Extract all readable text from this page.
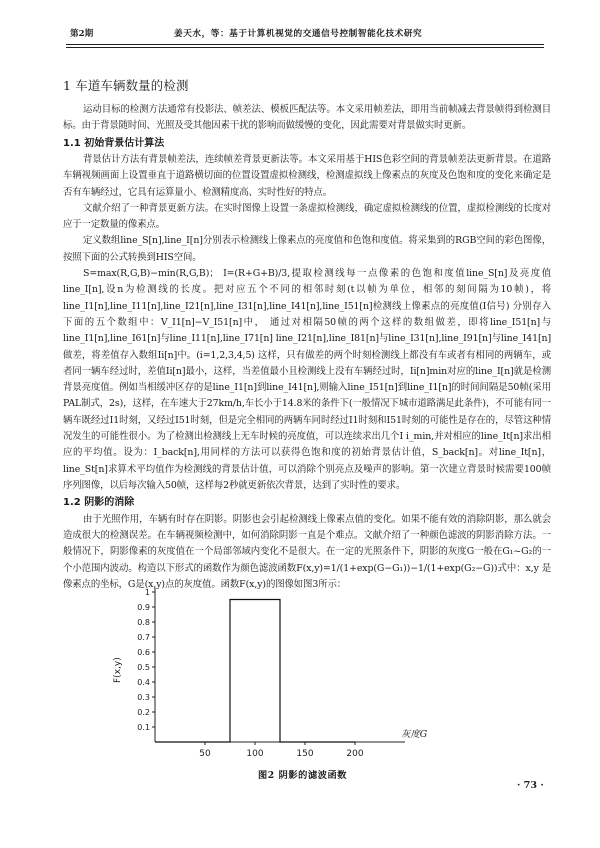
第2期	姜天水，等：基于计算机视觉的交通信号控制智能化技术研究
1 车道车辆数量的检测

运动目标的检测方法通常有投影法、帧差法、模板匹配法等。本文采用帧差法，即用当前帧减去背景帧得到检测目标。由于背景随时间、光照及受其他因素干扰的影响而做缓慢的变化，因此需要对背景做实时更新。

1.1 初始背景估计算法

背景估计方法有背景帧差法，连续帧差背景更新法等。本文采用基于HIS色彩空间的背景帧差法更新背景。在道路车辆视频画面上设置垂直于道路横切面的位置设置虚拟检测线，检测虚拟线上像素点的灰度及色饱和度的变化来确定是否有车辆经过，它具有运算量小、检测精度高、实时性好的特点。

文献介绍了一种背景更新方法。在实时图像上设置一条虚拟检测线，确定虚拟检测线的位置，虚拟检测线的长度对应于一定数量的像素点。

定义数组line_S[n],line_I[n]分别表示检测线上像素点的亮度值和色饱和度值。将采集到的RGB空间的彩色图像，按照下面的公式转换到HIS空间。

S=max(R,G,B)−min(R,G,B)； I=(R+G+B)/3,提取检测线每一点像素的色饱和度值line_S[n]及亮度值line_I[n],设n为检测线的长度。把对应五个不同的相邻时刻(t以帧为单位，相邻的刻间隔为10帧)，将line_I1[n],line_I11[n],line_I21[n],line_I31[n],line_I41[n],line_I51[n]检测线上像素点的亮度值(I信号) 分别存入下面的五个数组中：V_I1[n]−V_I51[n]中， 通过对相隔50帧的两个这样的数组做差，即将line_I51[n]与line_I1[n],line_I61[n]与line_I11[n],line_I71[n] line_I21[n],line_I81[n]与line_I31[n],line_I91[n]与line_I41[n]做差，将差值存入数组Ii[n]中。(i=1,2,3,4,5) 这样，只有做差的两个时刻检测线上都没有车或者有相同的两辆车，或者同一辆车经过时，差值Ii[n]最小，这样，当差值最小且检测线上没有车辆经过时，Ii[n]min对应的line_I[n]就是检测背景亮度值。例如当相缓冲区存的是line_I1[n]到line_I41[n],则输入line_I51[n]到line_I1[n]的时间间隔是50帧(采用PAL制式，2s)，这样，在车速大于27km/h,车长小于14.8米的条件下(一般情况下城市道路满足此条件)，不可能有同一辆车既经过I1时刻，又经过I51时刻，但是完全相同的两辆车同时经过I1时刻和I51时刻的可能性是存在的，尽管这种情况发生的可能性很小。为了检测出检测线上无车时候的亮度值，可以连续求出几个I i_min,并对相应的line_It[n]求出相应的平均值。设为：I_back[n],用同样的方法可以获得色饱和度的初始背景估计值，S_back[n]。对line_It[n]，line_St[n]求算术平均值作为检测线的背景估计值，可以消除个别亮点及噪声的影响。第一次建立背景时候需要100帧序列图像，以后每次输入50帧，这样每2秒就更新依次背景，达到了实时性的要求。

1.2 阴影的消除

由于光照作用，车辆有时存在阴影。阴影也会引起检测线上像素点值的变化。如果不能有效的消除阴影，那么就会造成很大的检测误差。在车辆视频检测中，如何消除阴影一直是个难点。文献介绍了一种颜色滤波的阴影消除方法。一般情况下，阴影像素的灰度值在一个局部邻域内变化不是很大。在一定的光照条件下，阴影的灰度G一般在G₁~G₂的一个小范围内波动。构造以下形式的函数作为颜色滤波函数F(x,y)=1/(1+exp(G−G₁))−1/(1+exp(G₂−G))式中：x,y 是像素点的坐标，G是(x,y)点的灰度值。函数F(x,y)的图像如图3所示：

0.1
0.2
0.3
0.4
0.5
0.6
0.7
0.8
0.9
1
50	100	150	200
F(x,y)
灰度G
图2 阴影的滤波函数
· 73 ·
